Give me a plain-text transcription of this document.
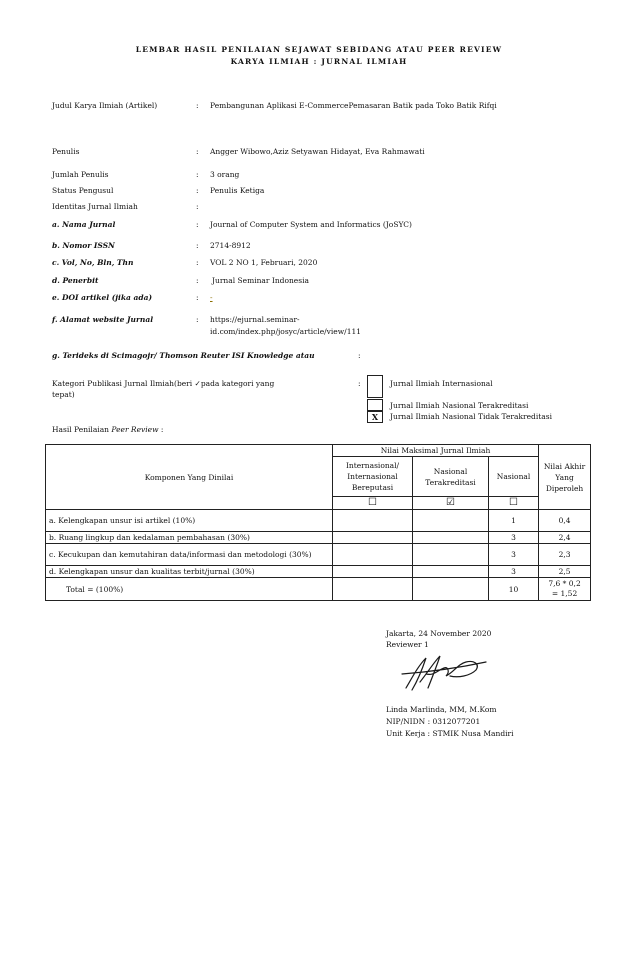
LEMBAR HASIL PENILAIAN SEJAWAT SEBIDANG ATAU PEER REVIEW
KARYA ILMIAH : JURNAL ILMIAH
Judul Karya Ilmiah (Artikel)	: Pembangunan Aplikasi E-CommercePemasaran Batik pada Toko Batik Rifqi
Penulis	: Angger Wibowo,Aziz Setyawan Hidayat, Eva Rahmawati
Jumlah Penulis	: 3 orang
Status Pengusul	: Penulis Ketiga
Identitas Jurnal Ilmiah	:
a. Nama Jurnal	: Journal of Computer System and Informatics (JoSYC)
b. Nomor ISSN	: 2714-8912
c. Vol, No, Bln, Thn	: VOL 2 NO 1, Februari, 2020
d. Penerbit	: Jurnal Seminar Indonesia
e. DOI artikel (jika ada)	: -
f. Alamat website Jurnal	: https://ejurnal.seminar-
id.com/index.php/josyc/article/view/111
g. Terideks di Scimagojr/ Thomson Reuter ISI Knowledge atau	:
Kategori Publikasi Jurnal Ilmiah(beri ✓pada kategori yang
tepat)
:	Jurnal Ilmiah Internasional
Jurnal Ilmiah Nasional Terakreditasi
X	Jurnal Ilmiah Nasional Tidak Terakreditasi
Hasil Penilaian Peer Review :
Komponen Yang Dinilai	Nilai Maksimal Jurnal Ilmiah			Nilai Akhir Yang Diperoleh
	Internasional/ Internasional Bereputasi	Nasional Terakreditasi	Nasional	
	☐	☑	☐	
a. Kelengkapan unsur isi artikel (10%)			1	0,4
b. Ruang lingkup dan kedalaman pembahasan (30%)			3	2,4
c. Kecukupan dan kemutahiran data/informasi dan metodologi (30%)			3	2,3
d. Kelengkapan unsur dan kualitas terbit/jurnal (30%)			3	2,5
Total = (100%)			10	7,6 * 0,2
= 1,52
Jakarta, 24 November 2020
Reviewer 1
Linda Marlinda, MM, M.Kom
NIP/NIDN : 0312077201
Unit Kerja : STMIK Nusa Mandiri
